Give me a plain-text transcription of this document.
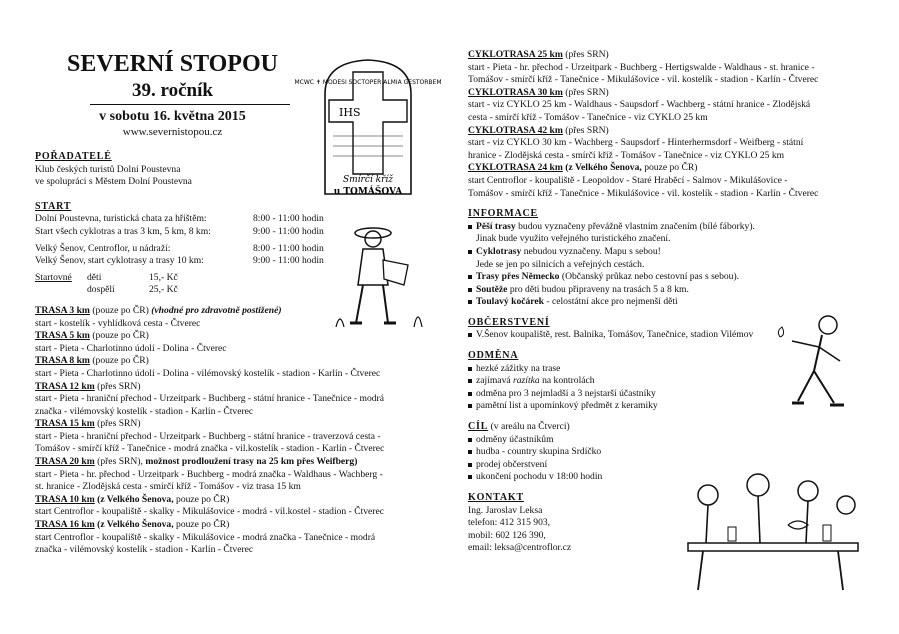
SEVERNÍ STOPOU
39. ročník
v sobotu 16. května 2015
www.severnistopou.cz
MCWC ✝ MODESI SOCTOPER ALMIA GESTORBEM
IHS
Smírčí kříž
u TOMÁŠOVA

POŘADATELÉ

Klub českých turistů Dolní Poustevna

ve spolupráci s Městem Dolní Poustevna

START

Dolní Poustevna, turistická chata za hřištěm:	8:00 - 11:00 hodin
Start všech cyklotras a tras 3 km, 5 km, 8 km:	9:00 - 11:00 hodin
Velký Šenov, Centroflor, u nádraží:	8:00 - 11:00 hodin
Velký Šenov, start cyklotrasy a trasy 10 km:	9:00 - 11:00 hodin
Startovné	děti	15,- Kč
dospělí	25,- Kč

TRASA 3 km (pouze po ČR) (vhodné pro zdravotně postižené)

start - kostelík - vyhlídková cesta - Čtverec

TRASA 5 km (pouze po ČR)

start - Pieta - Charlotinno údolí - Dolina - Čtverec

TRASA 8 km (pouze po ČR)

start - Pieta - Charlotinno údolí - Dolina - vilémovský kostelík - stadion - Karlín - Čtverec

TRASA 12 km (přes SRN)

start - Pieta - hraniční přechod - Urzeitpark - Buchberg - státní hranice - Tanečnice - modrá

značka - vilémovský kostelík - stadion - Karlín - Čtverec

TRASA 15 km (přes SRN)

start - Pieta - hraniční přechod - Urzeitpark - Buchberg - státní hranice - traverzová cesta -

Tomášov - smírčí kříž - Tanečnice - modrá značka - vil.kostelík - stadion - Karlín - Čtverec

TRASA 20 km (přes SRN), možnost prodloužení trasy na 25 km přes Weifberg)

start - Pieta - hr. přechod - Urzeitpark - Buchberg - modrá značka - Waldhaus - Wachberg -

st. hranice - Zlodějská cesta - smírčí kříž - Tomášov - viz trasa 15 km

TRASA 10 km (z Velkého Šenova, pouze po ČR)

start Centroflor - koupaliště - skalky - Mikulášovice - modrá - vil.kostel - stadion - Čtverec

TRASA 16 km (z Velkého Šenova, pouze po ČR)

start Centroflor - koupaliště - skalky - Mikulášovice - modrá značka - Tanečnice - modrá

značka - vilémovský kostelík - stadion - Karlín - Čtverec

CYKLOTRASA 25 km (přes SRN)

start - Pieta - hr. přechod - Urzeitpark - Buchberg - Hertigswalde - Waldhaus - st. hranice -

Tomášov - smírčí kříž - Tanečnice - Mikulášovice - vil. kostelík - stadion - Karlín - Čtverec

CYKLOTRASA 30 km (přes SRN)

start - viz CYKLO 25 km - Waldhaus - Saupsdorf - Wachberg - státní hranice - Zlodějská

cesta - smírčí kříž - Tomášov - Tanečnice - viz CYKLO 25 km

CYKLOTRASA 42 km (přes SRN)

start - viz CYKLO 30 km - Wachberg - Saupsdorf - Hinterhermsdorf - Weifberg - státní

hranice - Zlodějská cesta - smírčí kříž - Tomášov - Tanečnice - viz CYKLO 25 km

CYKLOTRASA 24 km (z Velkého Šenova, pouze po ČR)

start Centroflor - koupaliště - Leopoldov - Staré Hraběcí - Salmov - Mikulášovice -

Tomášov - smírčí kříž - Tanečnice - Mikulášovice - vil. kostelík - stadion - Karlín - Čtverec

INFORMACE

Pěší trasy budou vyznačeny převážně vlastním značením (bílé fáborky).

Jinak bude využito veřejného turistického značení.

Cyklotrasy nebudou vyznačeny. Mapu s sebou!

Jede se jen po silnicích a veřejných cestách.

Trasy přes Německo (Občanský průkaz nebo cestovní pas s sebou).
Soutěže pro děti budou připraveny na trasách 5 a 8 km.
Toulavý kočárek - celostátní akce pro nejmenší děti

OBČERSTVENÍ

V.Šenov koupaliště, rest. Balnika, Tomášov, Tanečnice, stadion Vilémov

ODMĚNA

hezké zážitky na trase
zajímavá razítka na kontrolách
odměna pro 3 nejmladší a 3 nejstarší účastníky
pamětní list a upomínkový předmět z keramiky

CÍL (v areálu na Čtverci)

odměny účastníkům
hudba - country skupina Srdíčko
prodej občerstvení
ukončení pochodu v 18:00 hodin

KONTAKT

Ing. Jaroslav Leksa

telefon: 412 315 903,

mobil: 602 126 390,

email: leksa@centroflor.cz
